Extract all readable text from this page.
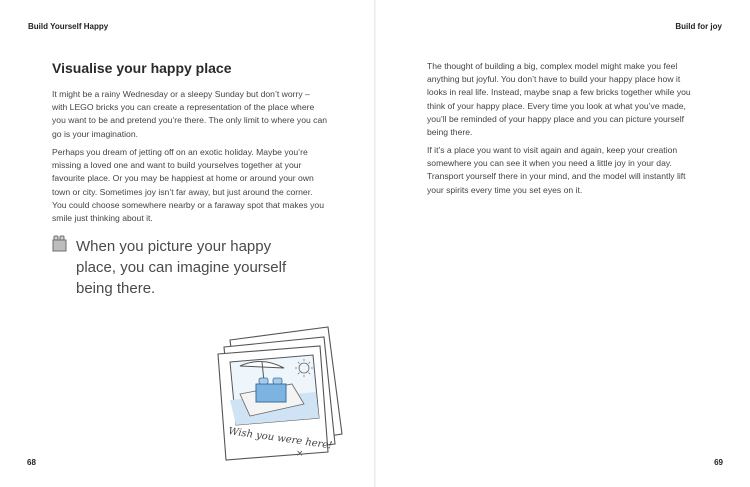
Build Yourself Happy
Visualise your happy place

It might be a rainy Wednesday or a sleepy Sunday but don’t worry – with LEGO bricks you can create a representation of the place where you want to be and pretend you’re there. The only limit to where you can go is your imagination.

Perhaps you dream of jetting off on an exotic holiday. Maybe you’re missing a loved one and want to build yourselves together at your favourite place. Or you may be happiest at home or around your own town or city. Sometimes joy isn’t far away, but just around the corner. You could choose somewhere nearby or a faraway spot that makes you smile just thinking about it.

When you picture your happy place, you can imagine yourself being there.

Wish you were here!
×
68
Build for joy

The thought of building a big, complex model might make you feel anything but joyful. You don’t have to build your happy place how it looks in real life. Instead, maybe snap a few bricks together while you think of your happy place. Every time you look at what you’ve made, you’ll be reminded of your happy place and you can picture yourself being there.

If it’s a place you want to visit again and again, keep your creation somewhere you can see it when you need a little joy in your day. Transport yourself there in your mind, and the model will instantly lift your spirits every time you set eyes on it.

69
